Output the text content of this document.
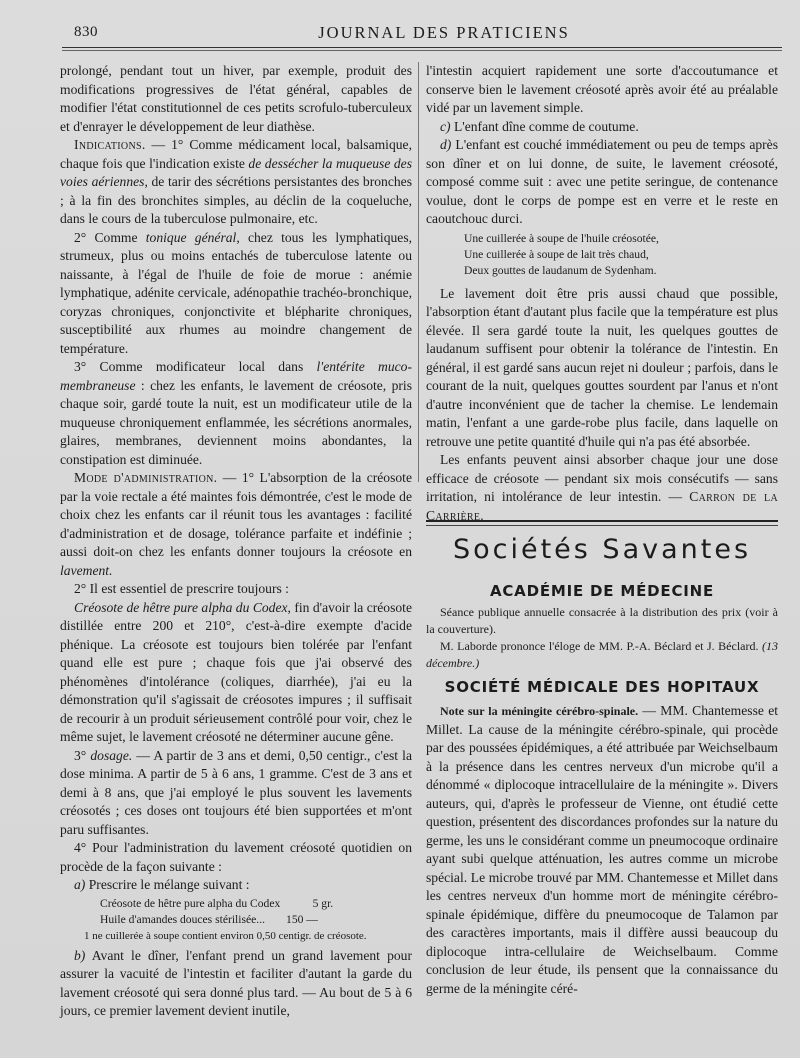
830	JOURNAL DES PRATICIENS

prolongé, pendant tout un hiver, par exemple, produit des modifications progressives de l'état général, capables de modifier l'état constitutionnel de ces petits scrofulo-tuberculeux et d'enrayer le développement de leur diathèse.

Indications. — 1° Comme médicament local, balsamique, chaque fois que l'indication existe de dessécher la muqueuse des voies aériennes, de tarir des sécrétions persistantes des bronches ; à la fin des bronchites simples, au déclin de la coqueluche, dans le cours de la tuberculose pulmonaire, etc.

2° Comme tonique général, chez tous les lymphatiques, strumeux, plus ou moins entachés de tuberculose latente ou naissante, à l'égal de l'huile de foie de morue : anémie lymphatique, adénite cervicale, adénopathie trachéo-bronchique, coryzas chroniques, conjonctivite et blépharite chroniques, susceptibilité aux rhumes au moindre changement de température.

3° Comme modificateur local dans l'entérite muco-membraneuse : chez les enfants, le lavement de créosote, pris chaque soir, gardé toute la nuit, est un modificateur utile de la muqueuse chroniquement enflammée, les sécrétions anormales, glaires, membranes, deviennent moins abondantes, la constipation est diminuée.

Mode d'administration. — 1° L'absorption de la créosote par la voie rectale a été maintes fois démontrée, c'est le mode de choix chez les enfants car il réunit tous les avantages : facilité d'administration et de dosage, tolérance parfaite et indéfinie ; aussi doit-on chez les enfants donner toujours la créosote en lavement.

2° Il est essentiel de prescrire toujours :

Créosote de hêtre pure alpha du Codex, fin d'avoir la créosote distillée entre 200 et 210°, c'est-à-dire exempte d'acide phénique. La créosote est toujours bien tolérée par l'enfant quand elle est pure ; chaque fois que j'ai observé des phénomènes d'intolérance (coliques, diarrhée), j'ai eu la démonstration qu'il s'agissait de créosotes impures ; il suffisait de recourir à un produit sérieusement contrôlé pour voir, chez le même sujet, le lavement créosoté ne déterminer aucune gêne.

3° dosage. — A partir de 3 ans et demi, 0,50 centigr., c'est la dose minima. A partir de 5 à 6 ans, 1 gramme. C'est de 3 ans et demi à 8 ans, que j'ai employé le plus souvent les lavements créosotés ; ces doses ont toujours été bien supportées et m'ont paru suffisantes.

4° Pour l'administration du lavement créosoté quotidien on procède de la façon suivante :

a) Prescrire le mélange suivant :

Créosote de hêtre pure alpha du Codex	5 gr.
Huile d'amandes douces stérilisée... 150 —
1 ne cuillerée à soupe contient environ 0,50 centigr. de créosote.

b) Avant le dîner, l'enfant prend un grand lavement pour assurer la vacuité de l'intestin et faciliter d'autant la garde du lavement créosoté qui sera donné plus tard. — Au bout de 5 à 6 jours, ce premier lavement devient inutile,

l'intestin acquiert rapidement une sorte d'accoutumance et conserve bien le lavement créosoté après avoir été au préalable vidé par un lavement simple.

c) L'enfant dîne comme de coutume.

d) L'enfant est couché immédiatement ou peu de temps après son dîner et on lui donne, de suite, le lavement créosoté, composé comme suit : avec une petite seringue, de contenance voulue, dont le corps de pompe est en verre et le reste en caoutchouc durci.

Une cuillerée à soupe de l'huile créosotée,
Une cuillerée à soupe de lait très chaud,
Deux gouttes de laudanum de Sydenham.

Le lavement doit être pris aussi chaud que possible, l'absorption étant d'autant plus facile que la température est plus élevée. Il sera gardé toute la nuit, les quelques gouttes de laudanum suffisent pour obtenir la tolérance de l'intestin. En général, il est gardé sans aucun rejet ni douleur ; parfois, dans le courant de la nuit, quelques gouttes sourdent par l'anus et n'ont d'autre inconvénient que de tacher la chemise. Le lendemain matin, l'enfant a une garde-robe plus facile, dans laquelle on retrouve une petite quantité d'huile qui n'a pas été absorbée.

Les enfants peuvent ainsi absorber chaque jour une dose efficace de créosote — pendant six mois consécutifs — sans irritation, ni intolérance de leur intestin. — Carron de la Carrière.

Sociétés Savantes
ACADÉMIE DE MÉDECINE

Séance publique annuelle consacrée à la distribution des prix (voir à la couverture).

M. Laborde prononce l'éloge de MM. P.-A. Béclard et J. Béclard. (13 décembre.)

SOCIÉTÉ MÉDICALE DES HOPITAUX

Note sur la méningite cérébro-spinale. — MM. Chantemesse et Millet. La cause de la méningite cérébro-spinale, qui procède par des poussées épidémiques, a été attribuée par Weichselbaum à la présence dans les centres nerveux d'un microbe qu'il a dénommé « diplocoque intracellulaire de la méningite ». Divers auteurs, qui, d'après le professeur de Vienne, ont étudié cette question, présentent des discordances profondes sur la nature du germe, les uns le considérant comme un pneumocoque ordinaire ayant subi quelque atténuation, les autres comme un microbe spécial. Le microbe trouvé par MM. Chantemesse et Millet dans les centres nerveux d'un homme mort de méningite cérébro-spinale épidémique, diffère du pneumocoque de Talamon par des caractères importants, mais il diffère aussi beaucoup du diplocoque intra-cellulaire de Weichselbaum. Comme conclusion de leur étude, ils pensent que la connaissance du germe de la méningite céré-
